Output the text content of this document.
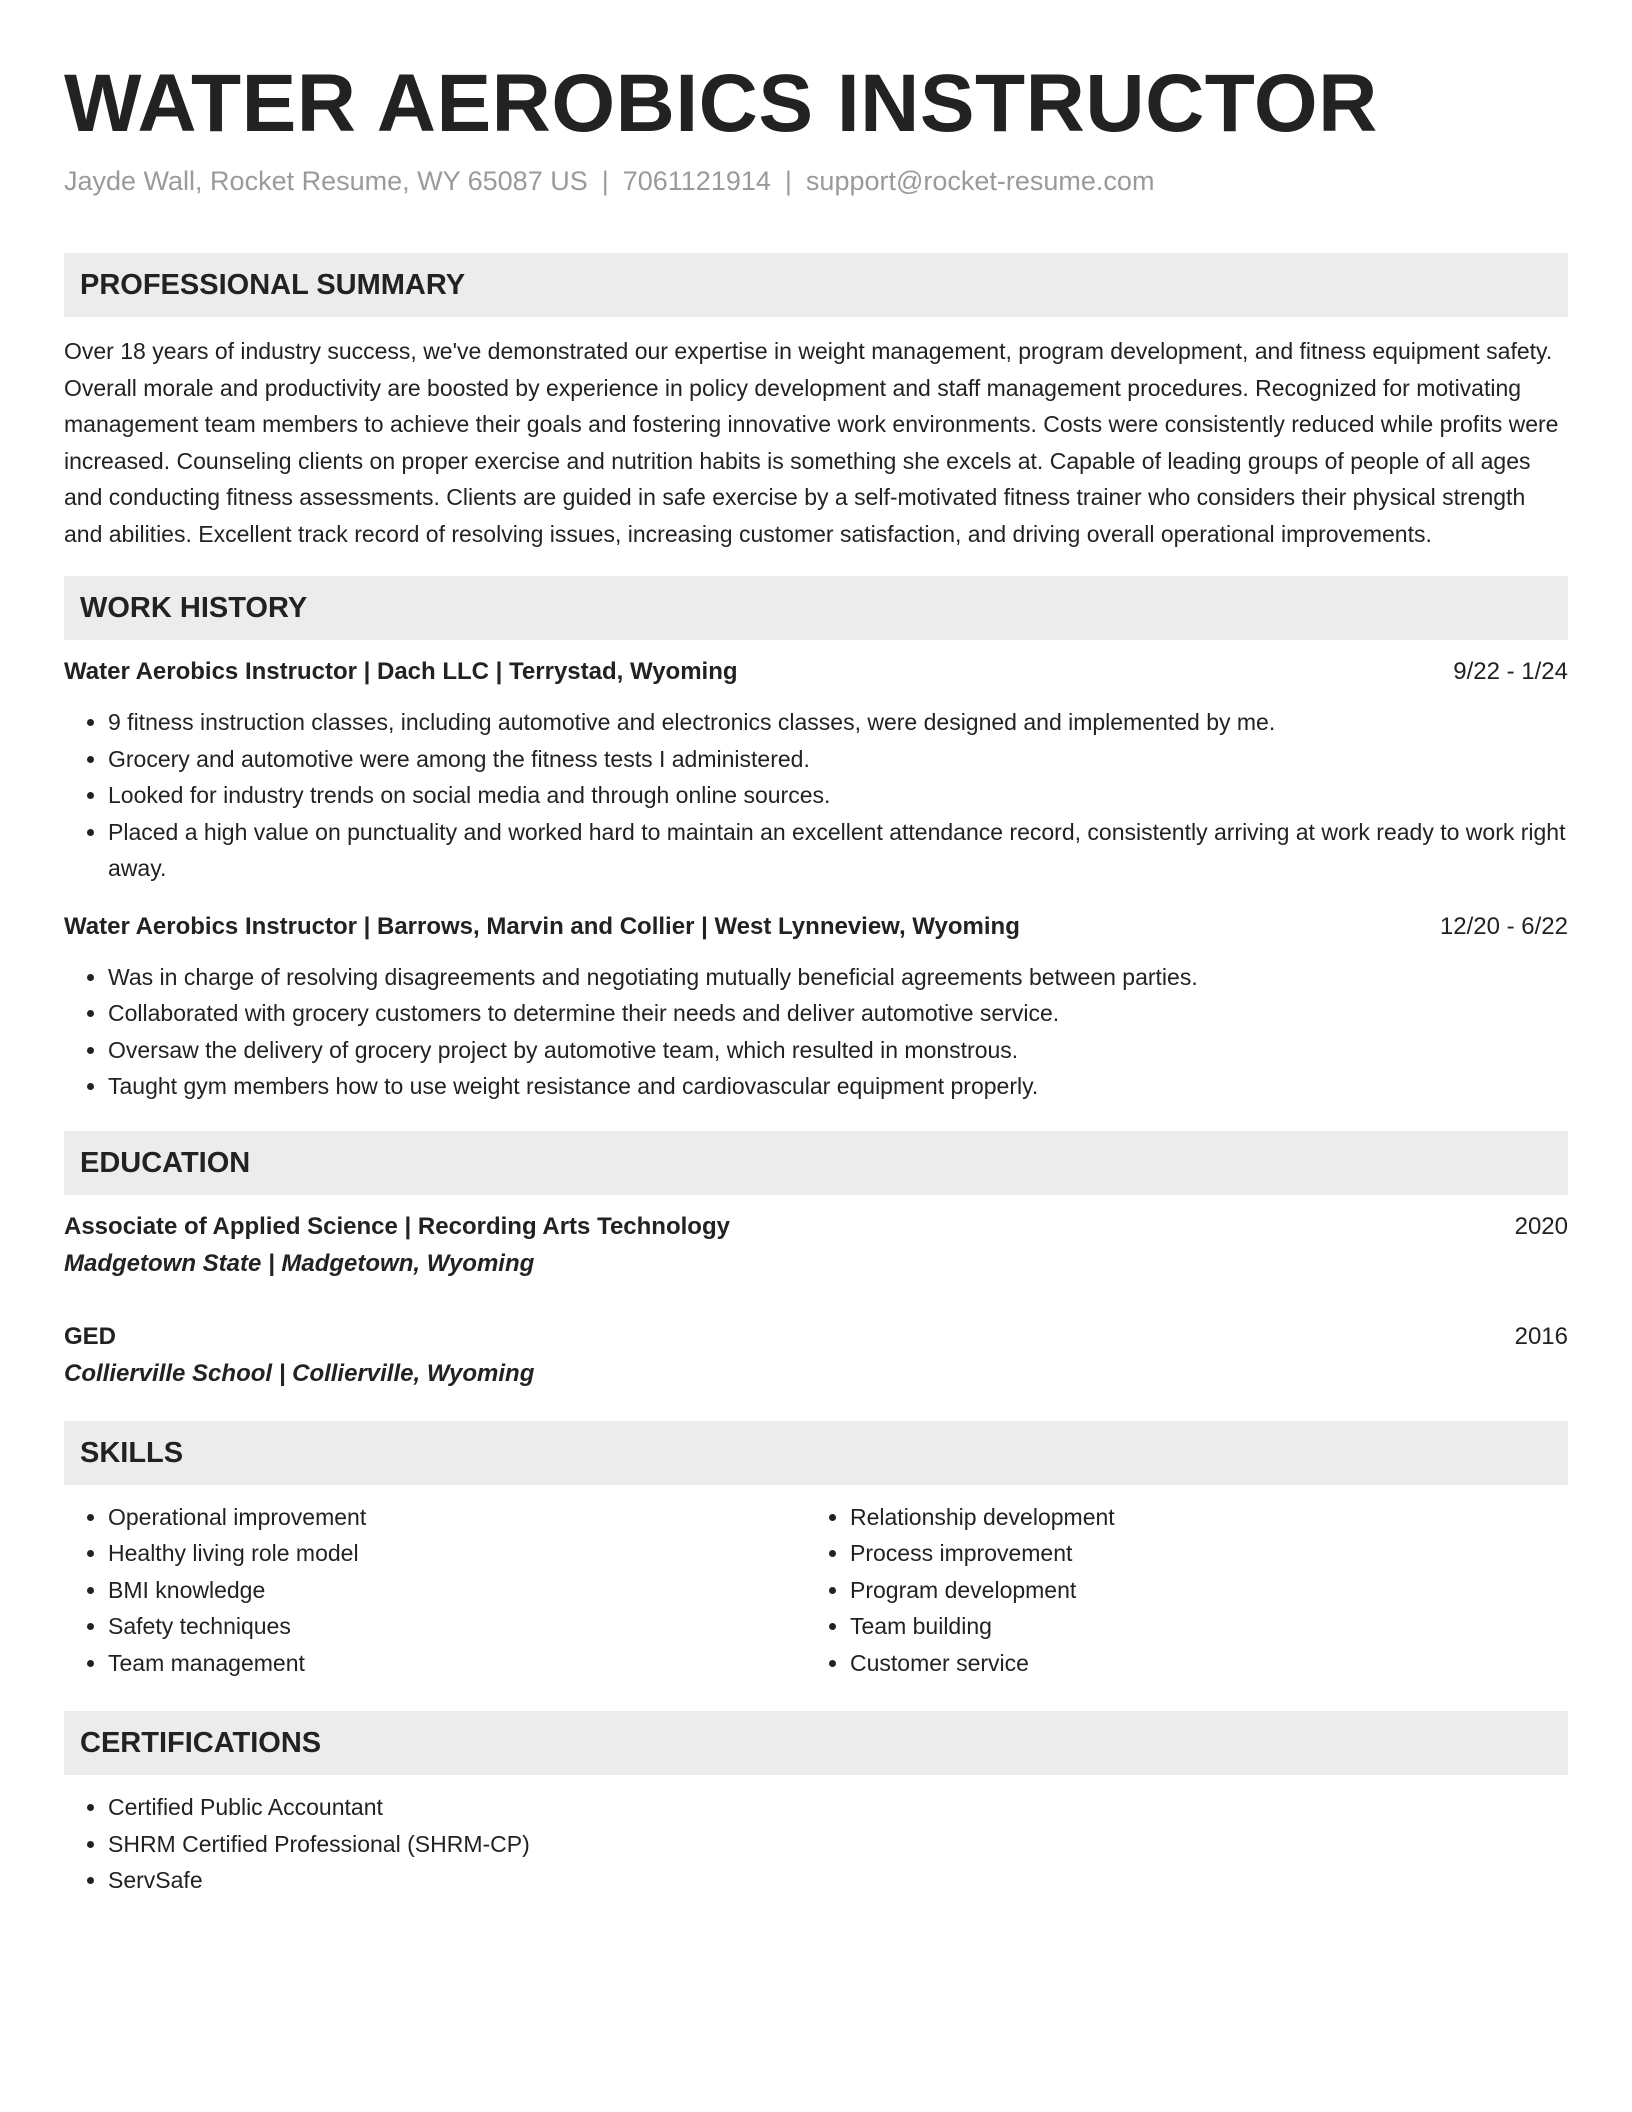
WATER AEROBICS INSTRUCTOR
Jayde Wall, Rocket Resume, WY 65087 US | 7061121914 | support@rocket-resume.com
PROFESSIONAL SUMMARY

Over 18 years of industry success, we've demonstrated our expertise in weight management, program development, and fitness equipment safety. Overall morale and productivity are boosted by experience in policy development and staff management procedures. Recognized for motivating management team members to achieve their goals and fostering innovative work environments. Costs were consistently reduced while profits were increased. Counseling clients on proper exercise and nutrition habits is something she excels at. Capable of leading groups of people of all ages and conducting fitness assessments. Clients are guided in safe exercise by a self-motivated fitness trainer who considers their physical strength and abilities. Excellent track record of resolving issues, increasing customer satisfaction, and driving overall operational improvements.

WORK HISTORY
Water Aerobics Instructor | Dach LLC | Terrystad, Wyoming	9/22 - 1/24
• 9 fitness instruction classes, including automotive and electronics classes, were designed and implemented by me.
• Grocery and automotive were among the fitness tests I administered.
• Looked for industry trends on social media and through online sources.
• Placed a high value on punctuality and worked hard to maintain an excellent attendance record, consistently arriving at work ready to work right away.
Water Aerobics Instructor | Barrows, Marvin and Collier | West Lynneview, Wyoming	12/20 - 6/22
• Was in charge of resolving disagreements and negotiating mutually beneficial agreements between parties.
• Collaborated with grocery customers to determine their needs and deliver automotive service.
• Oversaw the delivery of grocery project by automotive team, which resulted in monstrous.
• Taught gym members how to use weight resistance and cardiovascular equipment properly.
EDUCATION
Associate of Applied Science | Recording Arts Technology	2020
Madgetown State | Madgetown, Wyoming
GED	2016
Collierville School | Collierville, Wyoming
SKILLS
• Operational improvement
• Healthy living role model
• BMI knowledge
• Safety techniques
• Team management
• Relationship development
• Process improvement
• Program development
• Team building
• Customer service
CERTIFICATIONS
• Certified Public Accountant
• SHRM Certified Professional (SHRM-CP)
• ServSafe
